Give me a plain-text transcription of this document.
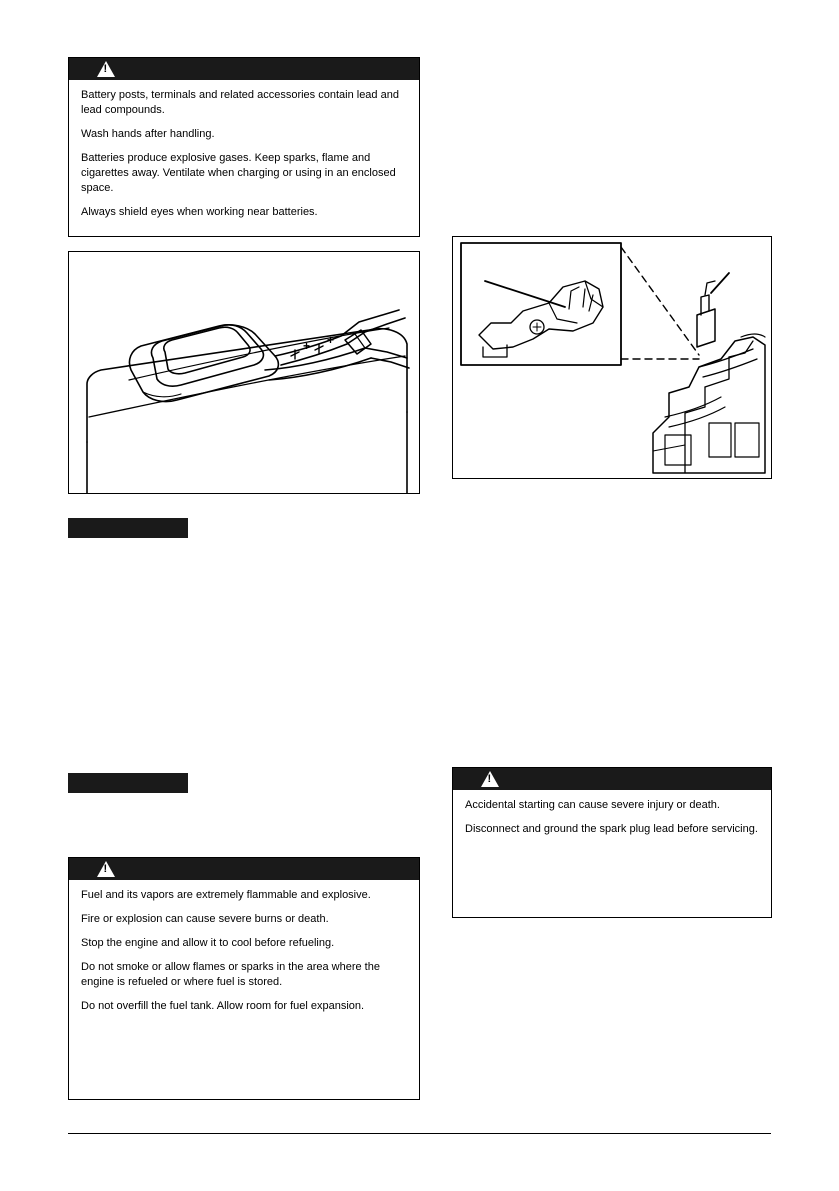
!

Battery posts, terminals and related accessories contain lead and lead compounds.

Wash hands after handling.

Batteries produce explosive gases. Keep sparks, flame and cigarettes away. Ventilate when charging or using in an enclosed space.

Always shield eyes when working near batteries.

+ +

!

Fuel and its vapors are extremely flammable and explosive.

Fire or explosion can cause severe burns or death.

Stop the engine and allow it to cool before refueling.

Do not smoke or allow flames or sparks in the area where the engine is refueled or where fuel is stored.

Do not overfill the fuel tank. Allow room for fuel expansion.

!

Accidental starting can cause severe injury or death.

Disconnect and ground the spark plug lead before servicing.
